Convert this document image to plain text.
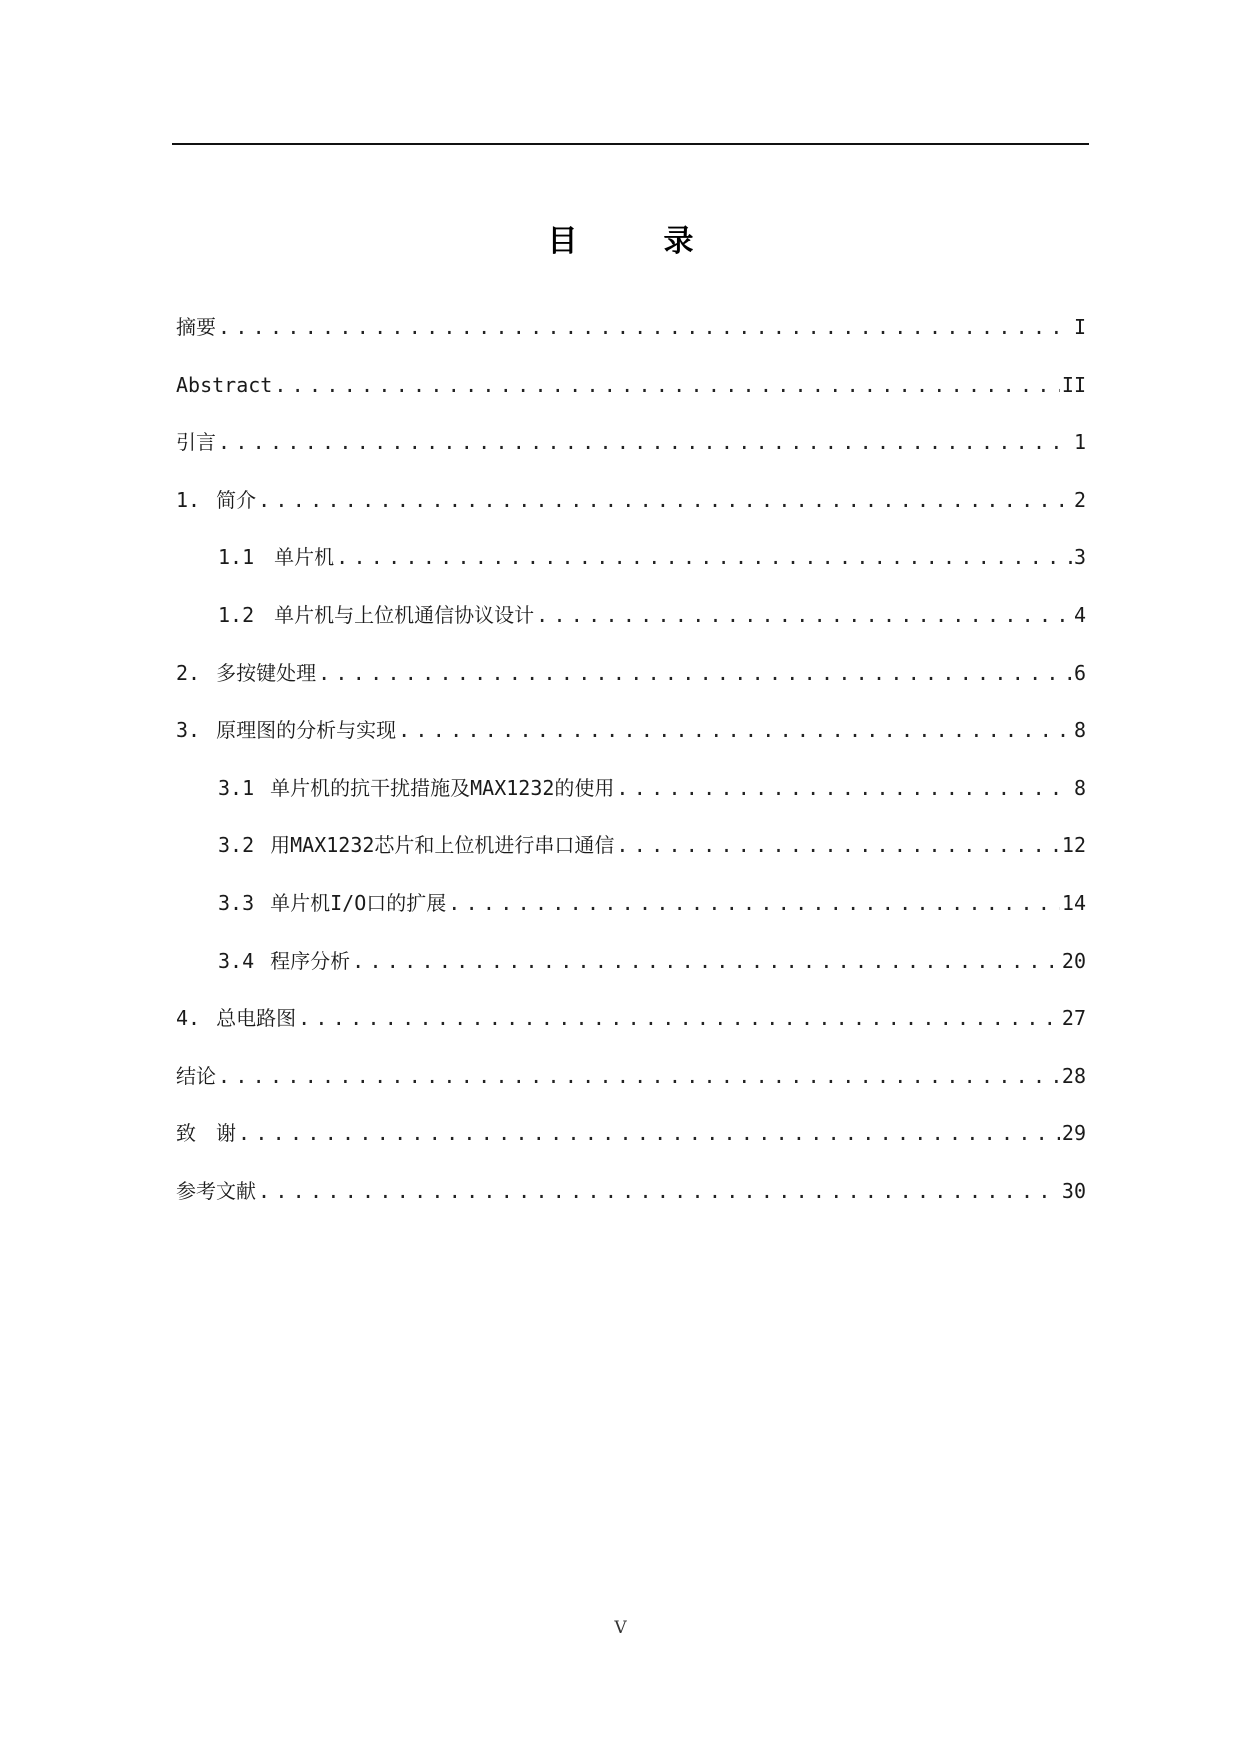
目　录
摘要 .....	I
Abstract .....	II
引言 .....	1
1. 简介 .....	2
1.1 单片机 .....	3
1.2 单片机与上位机通信协议设计 .....	4
2. 多按键处理 .....	6
3. 原理图的分析与实现 .....	8
3.1 单片机的抗干扰措施及MAX1232的使用 .....	8
3.2 用MAX1232芯片和上位机进行串口通信 .....	12
3.3 单片机I/O口的扩展 .....	14
3.4 程序分析 .....	20
4. 总电路图 .....	27
结论 .....	28
致　谢 .....	29
参考文献 .....	30
V
